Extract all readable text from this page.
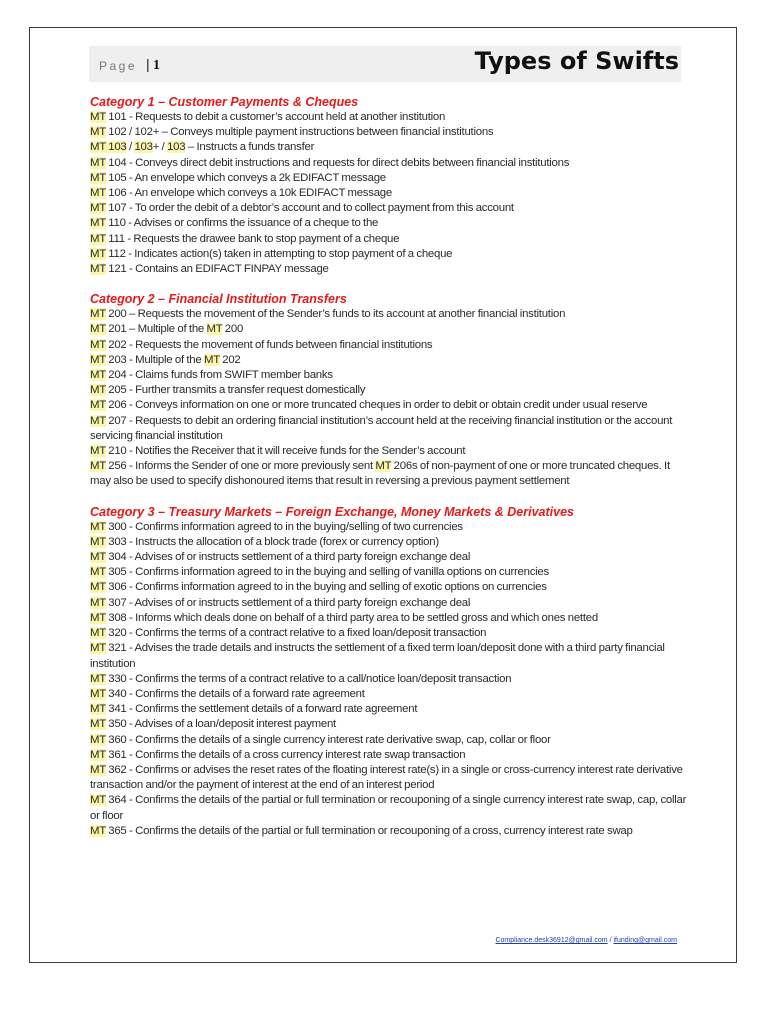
Page | 1	Types of Swifts
Category 1 – Customer Payments & Cheques
MT 101 - Requests to debit a customer’s account held at another institution
MT 102 / 102+ – Conveys multiple payment instructions between financial institutions
MT 103 / 103+ / 103 – Instructs a funds transfer
MT 104 - Conveys direct debit instructions and requests for direct debits between financial institutions
MT 105 - An envelope which conveys a 2k EDIFACT message
MT 106 - An envelope which conveys a 10k EDIFACT message
MT 107 - To order the debit of a debtor’s account and to collect payment from this account
MT 110 - Advises or confirms the issuance of a cheque to the
MT 111 - Requests the drawee bank to stop payment of a cheque
MT 112 - Indicates action(s) taken in attempting to stop payment of a cheque
MT 121 - Contains an EDIFACT FINPAY message
Category 2 – Financial Institution Transfers
MT 200 – Requests the movement of the Sender’s funds to its account at another financial institution
MT 201 – Multiple of the MT 200
MT 202 - Requests the movement of funds between financial institutions
MT 203 - Multiple of the MT 202
MT 204 - Claims funds from SWIFT member banks
MT 205 - Further transmits a transfer request domestically
MT 206 - Conveys information on one or more truncated cheques in order to debit or obtain credit under usual reserve
MT 207 - Requests to debit an ordering financial institution’s account held at the receiving financial institution or the account servicing financial institution
MT 210 - Notifies the Receiver that it will receive funds for the Sender’s account
MT 256 - Informs the Sender of one or more previously sent MT 206s of non-payment of one or more truncated cheques. It may also be used to specify dishonoured items that result in reversing a previous payment settlement
Category 3 – Treasury Markets – Foreign Exchange, Money Markets & Derivatives
MT 300 - Confirms information agreed to in the buying/selling of two currencies
MT 303 - Instructs the allocation of a block trade (forex or currency option)
MT 304 - Advises of or instructs settlement of a third party foreign exchange deal
MT 305 - Confirms information agreed to in the buying and selling of vanilla options on currencies
MT 306 - Confirms information agreed to in the buying and selling of exotic options on currencies
MT 307 - Advises of or instructs settlement of a third party foreign exchange deal
MT 308 - Informs which deals done on behalf of a third party area to be settled gross and which ones netted
MT 320 - Confirms the terms of a contract relative to a fixed loan/deposit transaction
MT 321 - Advises the trade details and instructs the settlement of a fixed term loan/deposit done with a third party financial institution
MT 330 - Confirms the terms of a contract relative to a call/notice loan/deposit transaction
MT 340 - Confirms the details of a forward rate agreement
MT 341 - Confirms the settlement details of a forward rate agreement
MT 350 - Advises of a loan/deposit interest payment
MT 360 - Confirms the details of a single currency interest rate derivative swap, cap, collar or floor
MT 361 - Confirms the details of a cross currency interest rate swap transaction
MT 362 - Confirms or advises the reset rates of the floating interest rate(s) in a single or cross-currency interest rate derivative transaction and/or the payment of interest at the end of an interest period
MT 364 - Confirms the details of the partial or full termination or recouponing of a single currency interest rate swap, cap, collar or floor
MT 365 - Confirms the details of the partial or full termination or recouponing of a cross, currency interest rate swap
Compliance.desk36912@gmail.com / ifunding@gmail.com
